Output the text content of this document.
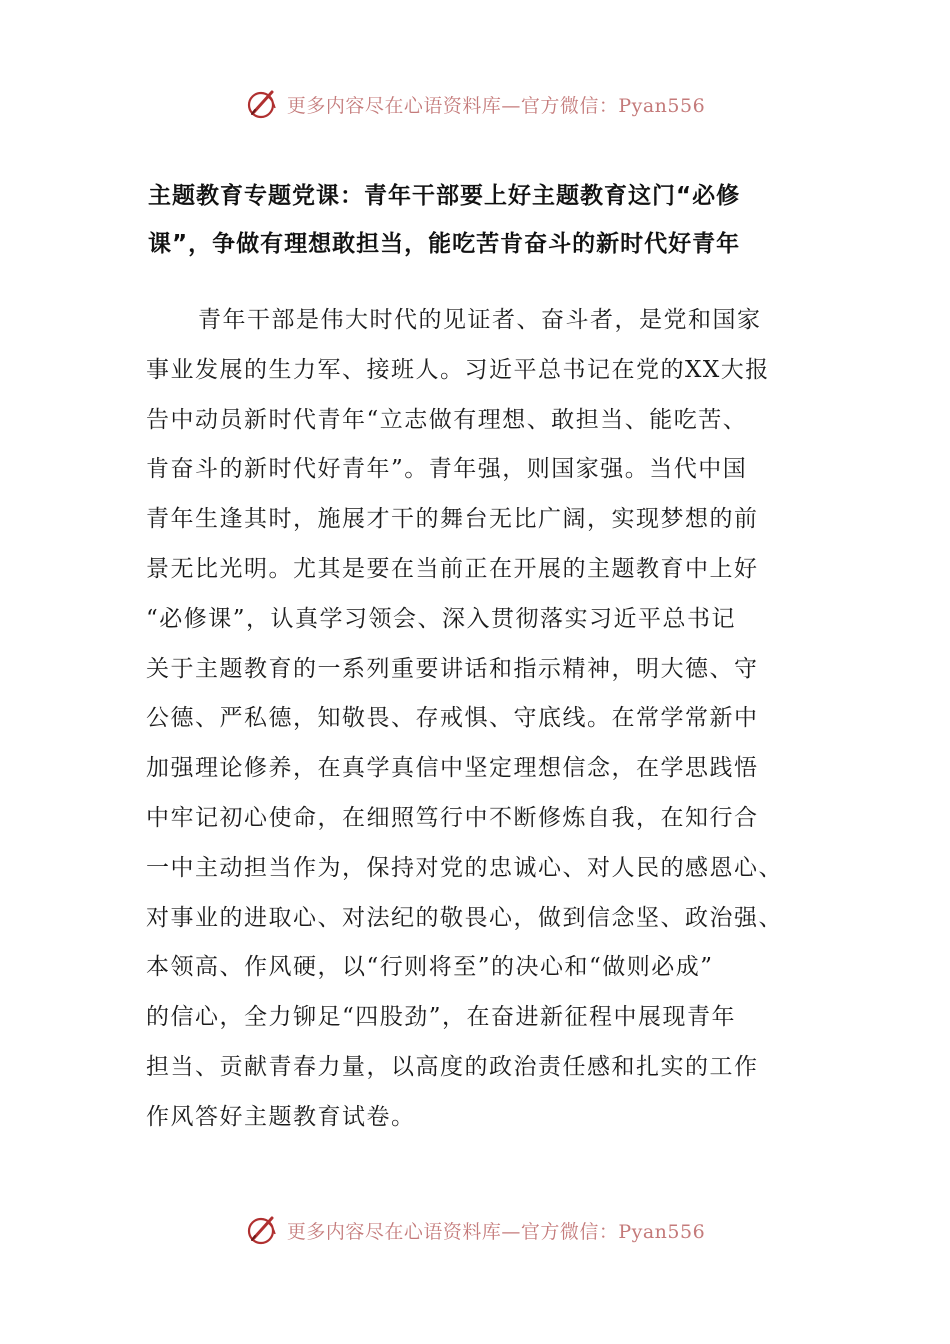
更多内容尽在心语资料库—官方微信：Pyan556
主题教育专题党课：青年干部要上好主题教育这门“必修
课”，争做有理想敢担当，能吃苦肯奋斗的新时代好青年
青年干部是伟大时代的见证者、奋斗者，是党和国家
事业发展的生力军、接班人。习近平总书记在党的XX大报
告中动员新时代青年“立志做有理想、敢担当、能吃苦、
肯奋斗的新时代好青年”。青年强，则国家强。当代中国
青年生逢其时，施展才干的舞台无比广阔，实现梦想的前
景无比光明。尤其是要在当前正在开展的主题教育中上好
“必修课”，认真学习领会、深入贯彻落实习近平总书记
关于主题教育的一系列重要讲话和指示精神，明大德、守
公德、严私德，知敬畏、存戒惧、守底线。在常学常新中
加强理论修养，在真学真信中坚定理想信念，在学思践悟
中牢记初心使命，在细照笃行中不断修炼自我，在知行合
一中主动担当作为，保持对党的忠诚心、对人民的感恩心、
对事业的进取心、对法纪的敬畏心，做到信念坚、政治强、
本领高、作风硬，以“行则将至”的决心和“做则必成”
的信心，全力铆足“四股劲”，在奋进新征程中展现青年
担当、贡献青春力量，以高度的政治责任感和扎实的工作
作风答好主题教育试卷。
更多内容尽在心语资料库—官方微信：Pyan556
